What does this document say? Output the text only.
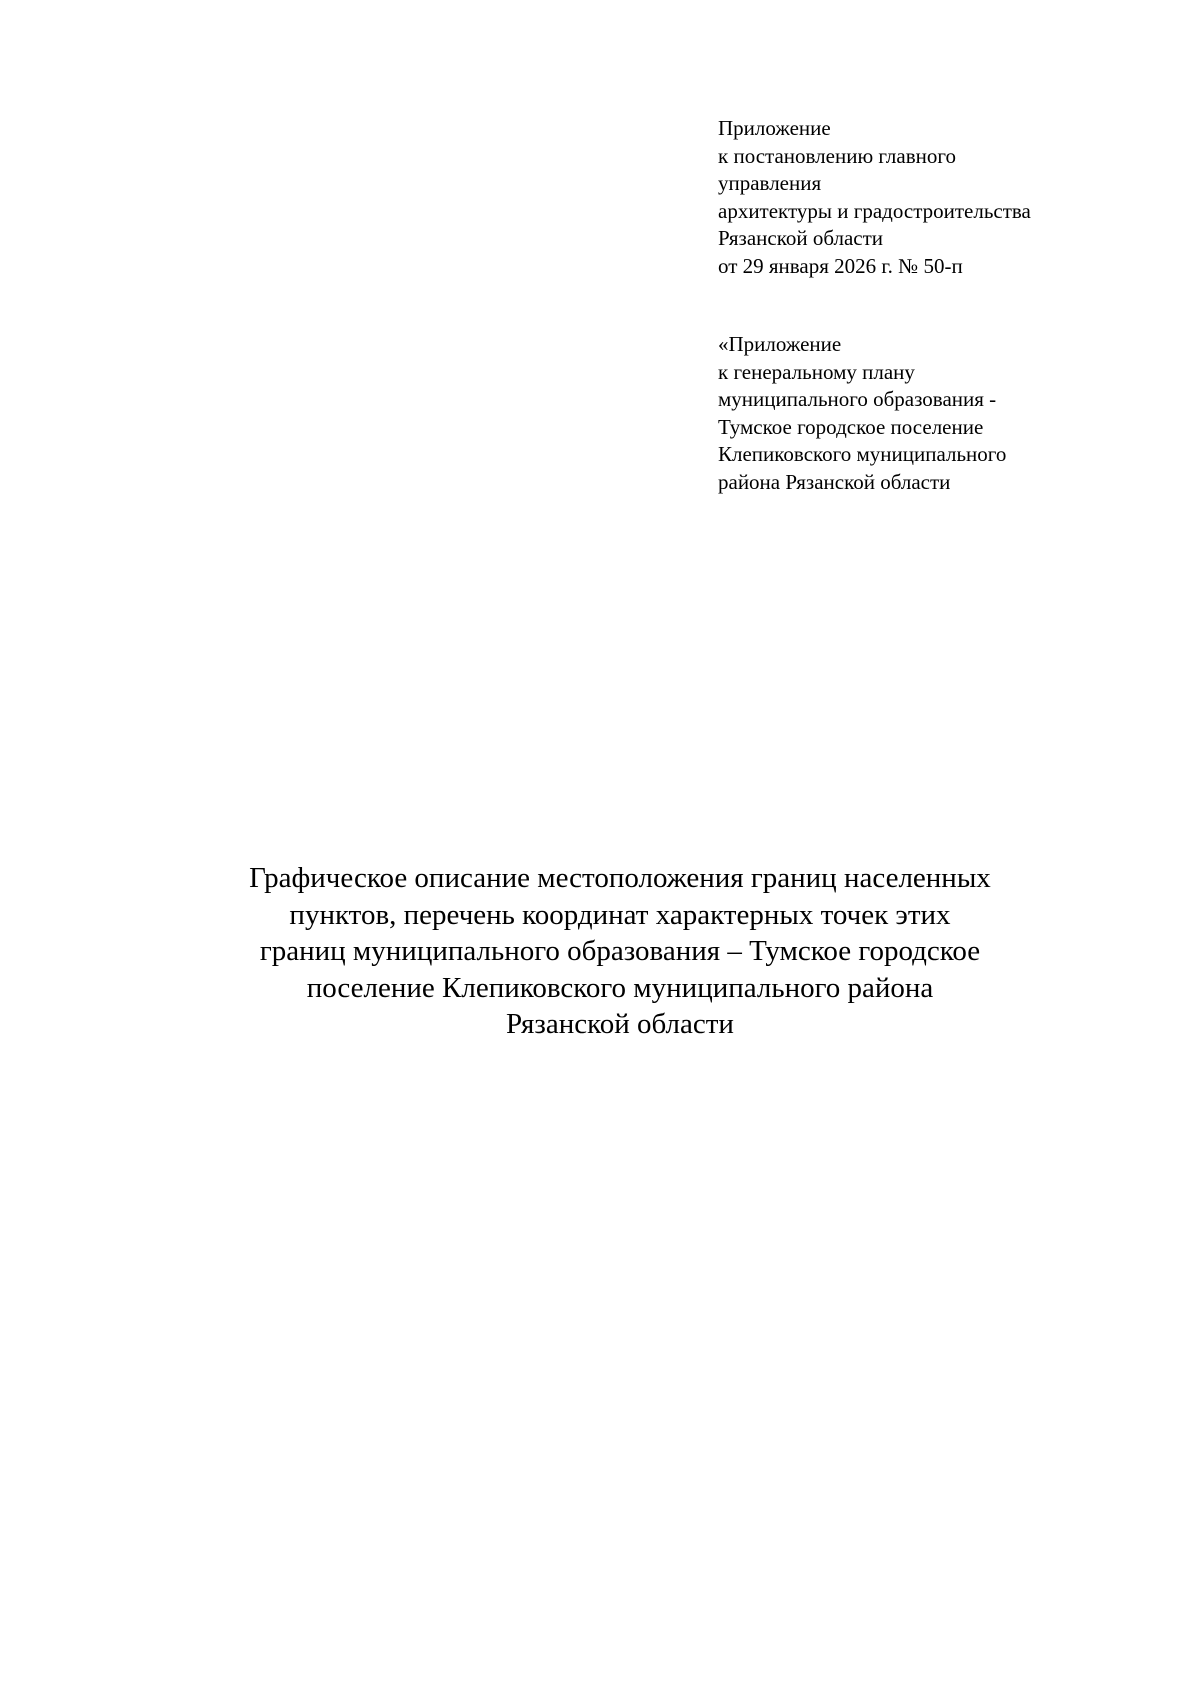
Приложение
к постановлению главного
управления
архитектуры и градостроительства
Рязанской области
от 29 января 2026 г. № 50-п
«Приложение
к генеральному плану
муниципального образования -
Тумское городское поселение
Клепиковского муниципального
района Рязанской области
Графическое описание местоположения границ населенных
пунктов, перечень координат характерных точек этих
границ муниципального образования – Тумское городское
поселение Клепиковского муниципального района
Рязанской области
